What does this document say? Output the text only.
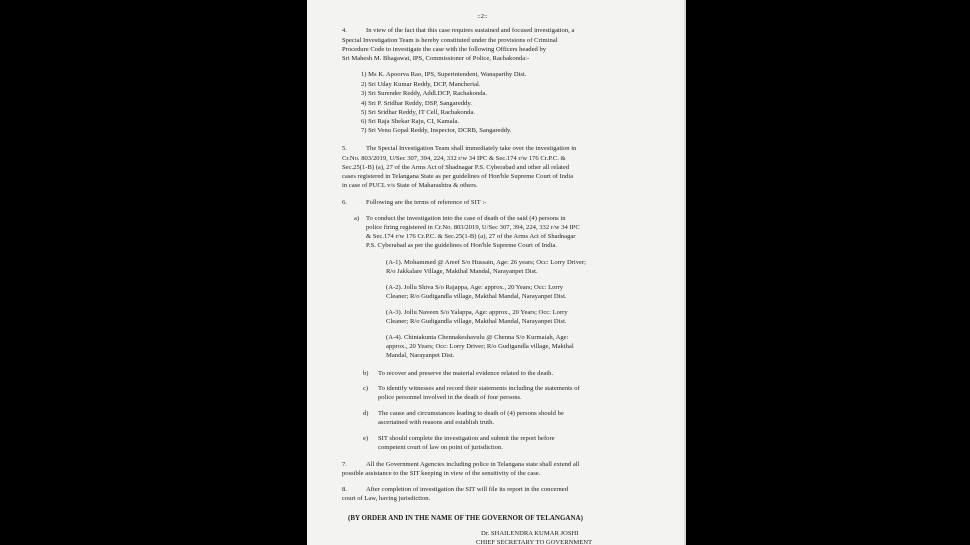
::2::
4.	In view of the fact that this case requires sustained and focused investigation, a
Special Investigation Team is hereby constituted under the provisions of Criminal
Procedure Code to investigate the case with the following Officers headed by
Sri Mahesh M. Bhagawat, IPS, Commissioner of Police, Rachakonda:-
1) Ms K. Apoorva Rao, IPS, Superintendent, Wanaparthy Dist.
2) Sri Uday Kumar Reddy, DCP, Mancherial.
3) Sri Surender Reddy, Addl.DCP, Rachakonda.
4) Sri P. Sridhar Reddy, DSP, Sangareddy.
5) Sri Sridhar Reddy, IT Cell, Rachakonda.
6) Sri Raja Shekar Raju, CI, Kamala.
7) Sri Venu Gopal Reddy, Inspector, DCRB, Sangareddy.
5.	The Special Investigation Team shall immediately take over the investigation in
Cr.No. 803/2019, U/Sec 307, 394, 224, 332 r/w 34 IPC & Sec.174 r/w 176 Cr.P.C. &
Sec.25(1-B) (a), 27 of the Arms Act of Shadnagar P.S. Cyberabad and other all related
cases registered in Telangana State as per guidelines of Hon'ble Supreme Court of India
in case of PUCL v/s State of Maharashtra & others.
6.	Following are the terms of reference of SIT :-
a) To conduct the investigation into the case of death of the said (4) persons in
police firing registered in Cr.No. 803/2019, U/Sec 307, 394, 224, 332 r/w 34 IPC
& Sec.174 r/w 176 Cr.P.C. & Sec.25(1-B) (a), 27 of the Arms Act of Shadnagar
P.S. Cyberabad as per the guidelines of Hon'ble Supreme Court of India.
(A-1). Mohammed @ Areef S/o Hussain, Age: 26 years; Occ: Lorry Driver;
R/o Jakkalare Village, Makthal Mandal, Narayanpet Dist.
(A-2). Jollu Shiva S/o Rajappa, Age: approx., 20 Years; Occ: Lorry
Cleaner; R/o Gudigandla village, Makthal Mandal, Narayanpet Dist.
(A-3). Jollu Naveen S/o Yalappa, Age: approx., 20 Years; Occ: Lorry
Cleaner; R/o Gudigandla village, Makthal Mandal, Narayanpet Dist.
(A-4). Chintakunta Chennakeshavulu @ Chenna S/o Kurmaiah, Age:
approx., 20 Years; Occ: Lorry Driver; R/o Gudigandla village, Makthal
Mandal, Narayanpet Dist.
b) To recover and preserve the material evidence related to the death.
c) To identify witnesses and record their statements including the statements of
police personnel involved in the death of four persons.
d) The cause and circumstances leading to death of (4) persons should be
ascertained with reasons and establish truth.
e) SIT should complete the investigation and submit the report before
competent court of law on point of jurisdiction.
7.	All the Government Agencies including police in Telangana state shall extend all
possible assistance to the SIT keeping in view of the sensitivity of the case.
8.	After completion of investigation the SIT will file its report in the concerned
court of Law, having jurisdiction.
(BY ORDER AND IN THE NAME OF THE GOVERNOR OF TELANGANA)
Dr. SHAILENDRA KUMAR JOSHI
CHIEF SECRETARY TO GOVERNMENT
